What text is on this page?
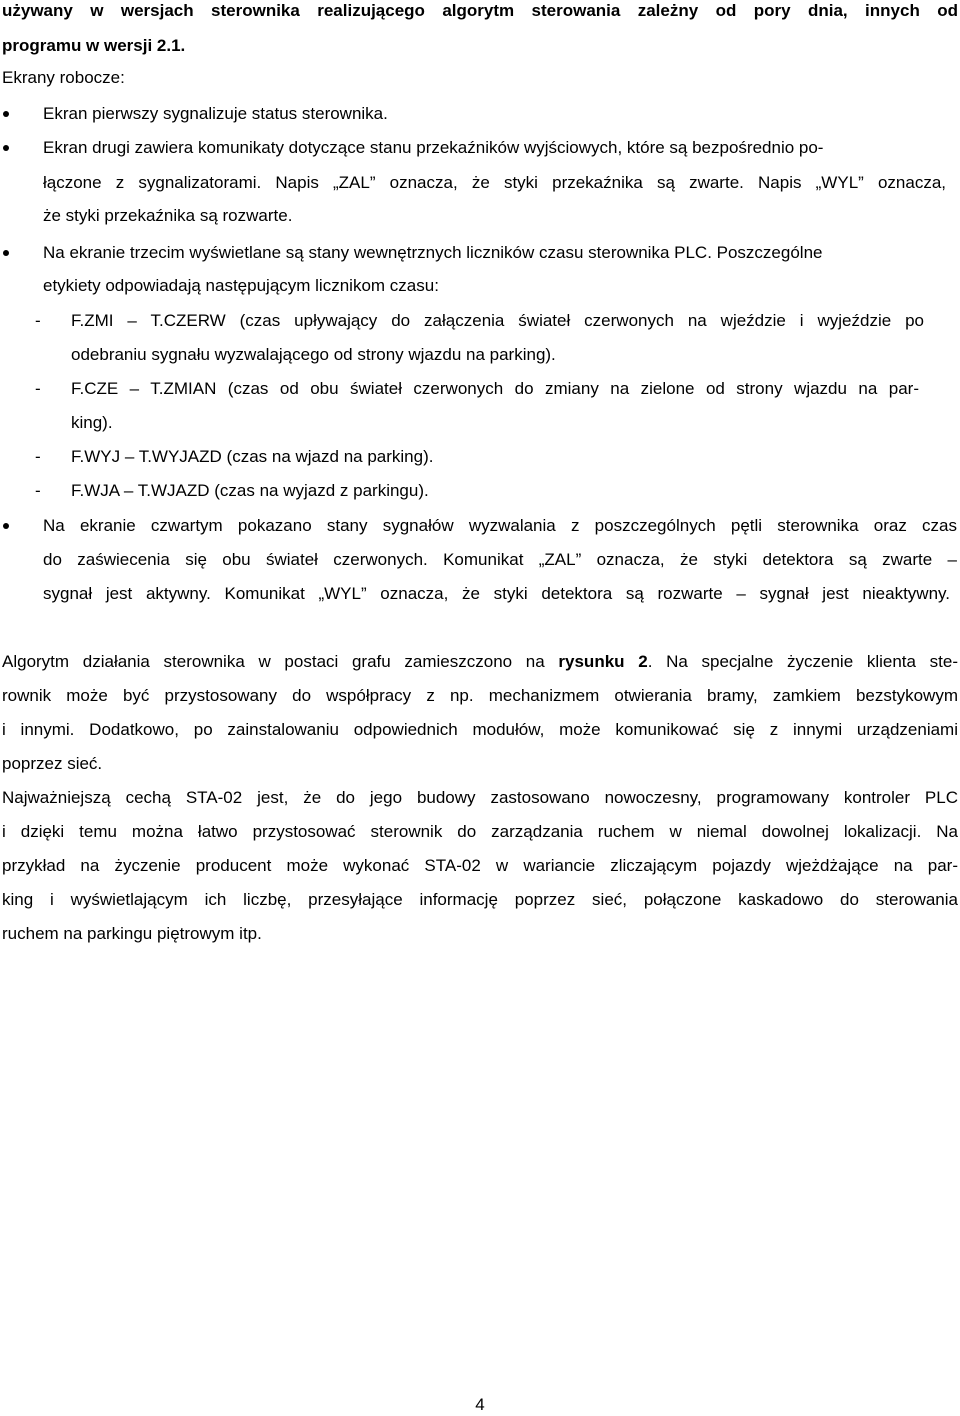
używany w wersjach sterownika realizującego algorytm sterowania zależny od pory dnia, innych od
programu w wersji 2.1.
Ekrany robocze:
Ekran pierwszy sygnalizuje status sterownika.
Ekran drugi zawiera komunikaty dotyczące stanu przekaźników wyjściowych, które są bezpośrednio po-
łączone z sygnalizatorami. Napis „ZAL” oznacza, że styki przekaźnika są zwarte. Napis „WYL” oznacza,
że styki przekaźnika są rozwarte.
Na ekranie trzecim wyświetlane są stany wewnętrznych liczników czasu sterownika PLC. Poszczególne
etykiety odpowiadają następującym licznikom czasu:
- F.ZMI – T.CZERW (czas upływający do załączenia świateł czerwonych na wjeździe i wyjeździe po
odebraniu sygnału wyzwalającego od strony wjazdu na parking).
- F.CZE – T.ZMIAN (czas od obu świateł czerwonych do zmiany na zielone od strony wjazdu na par-
king).
- F.WYJ – T.WYJAZD (czas na wjazd na parking).
- F.WJA – T.WJAZD (czas na wyjazd z parkingu).
Na ekranie czwartym pokazano stany sygnałów wyzwalania z poszczególnych pętli sterownika oraz czas
do zaświecenia się obu świateł czerwonych. Komunikat „ZAL” oznacza, że styki detektora są zwarte –
sygnał jest aktywny. Komunikat „WYL” oznacza, że styki detektora są rozwarte – sygnał jest nieaktywny.
Algorytm działania sterownika w postaci grafu zamieszczono na rysunku 2. Na specjalne życzenie klienta ste-
rownik może być przystosowany do współpracy z np. mechanizmem otwierania bramy, zamkiem bezstykowym
i innymi. Dodatkowo, po zainstalowaniu odpowiednich modułów, może komunikować się z innymi urządzeniami
poprzez sieć.
Najważniejszą cechą STA-02 jest, że do jego budowy zastosowano nowoczesny, programowany kontroler PLC
i dzięki temu można łatwo przystosować sterownik do zarządzania ruchem w niemal dowolnej lokalizacji. Na
przykład na życzenie producent może wykonać STA-02 w wariancie zliczającym pojazdy wjeżdżające na par-
king i wyświetlającym ich liczbę, przesyłające informację poprzez sieć, połączone kaskadowo do sterowania
ruchem na parkingu piętrowym itp.
4
